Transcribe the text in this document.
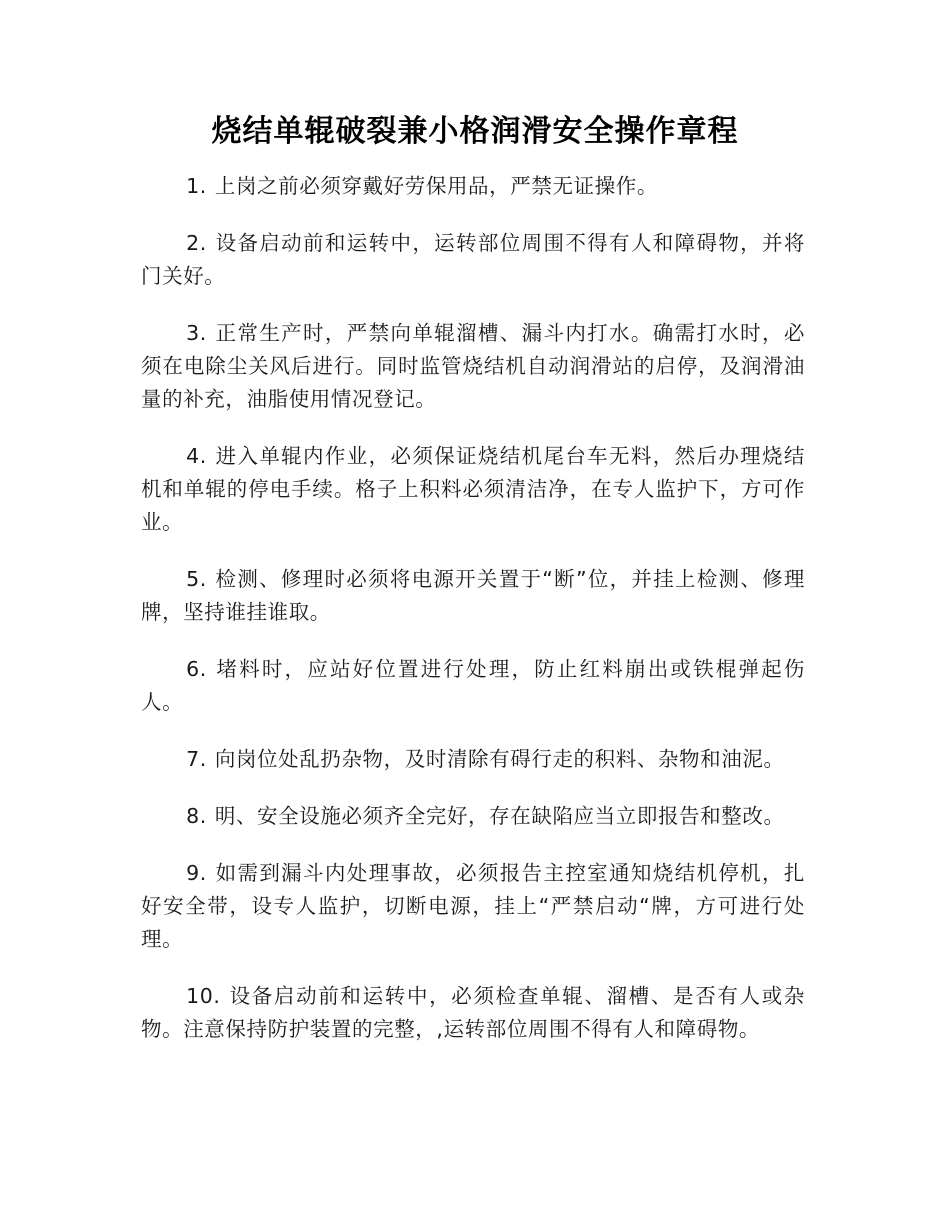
烧结单辊破裂兼小格润滑安全操作章程

1. 上岗之前必须穿戴好劳保用品，严禁无证操作。

2. 设备启动前和运转中，运转部位周围不得有人和障碍物，并将门关好。

3. 正常生产时，严禁向单辊溜槽、漏斗内打水。确需打水时，必须在电除尘关风后进行。同时监管烧结机自动润滑站的启停，及润滑油量的补充，油脂使用情况登记。

4. 进入单辊内作业，必须保证烧结机尾台车无料，然后办理烧结机和单辊的停电手续。格子上积料必须清洁净，在专人监护下，方可作业。

5. 检测、修理时必须将电源开关置于“断”位，并挂上检测、修理牌，坚持谁挂谁取。

6. 堵料时，应站好位置进行处理，防止红料崩出或铁棍弹起伤人。

7. 向岗位处乱扔杂物，及时清除有碍行走的积料、杂物和油泥。

8. 明、安全设施必须齐全完好，存在缺陷应当立即报告和整改。

9. 如需到漏斗内处理事故，必须报告主控室通知烧结机停机，扎好安全带，设专人监护，切断电源，挂上“严禁启动“牌，方可进行处理。

10. 设备启动前和运转中，必须检查单辊、溜槽、是否有人或杂物。注意保持防护装置的完整，,运转部位周围不得有人和障碍物。
